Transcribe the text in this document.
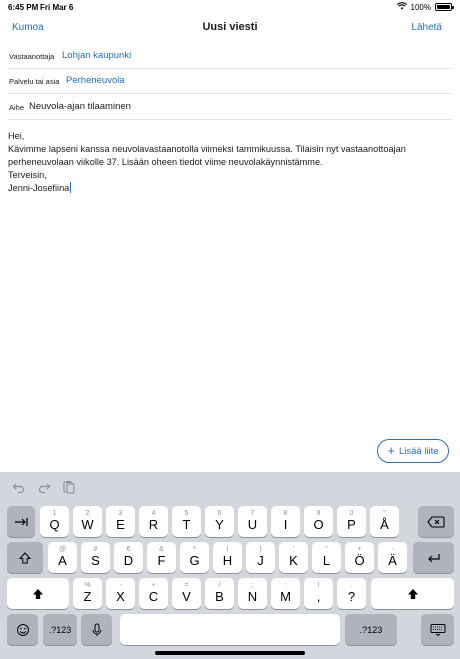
6:45 PM Fri Mar 6	100%
Kumoa	Uusi viesti	Lähetä
Vastaanottaja Lohjan kaupunki
Palvelu tai asia Perheneuvola
Aihe Neuvola-ajan tilaaminen

Hei,

Kävimme lapseni kanssa neuvolavastaanotolla viimeksi tammikuussa. Tilaisin nyt vastaanottoajan

perheneuvolaan viikolle 37. Lisään oheen tiedot viime neuvolakäynnistämme.

Terveisin,

Jenni-Josefiina

+ Lisää liite
1
Q
2
W
3
E
4
R
5
T
6
Y
7
U
8
I
9
O
0
P
"
Å
@
A
#
S
€
D
&
F
*
G
(
H
)
J
'
K
"
L
+
Ö
-
Ä
%
Z
-
X
+
C
=
V
/
B
;
N
:
M
!
,
.
?
.?123	.?123
